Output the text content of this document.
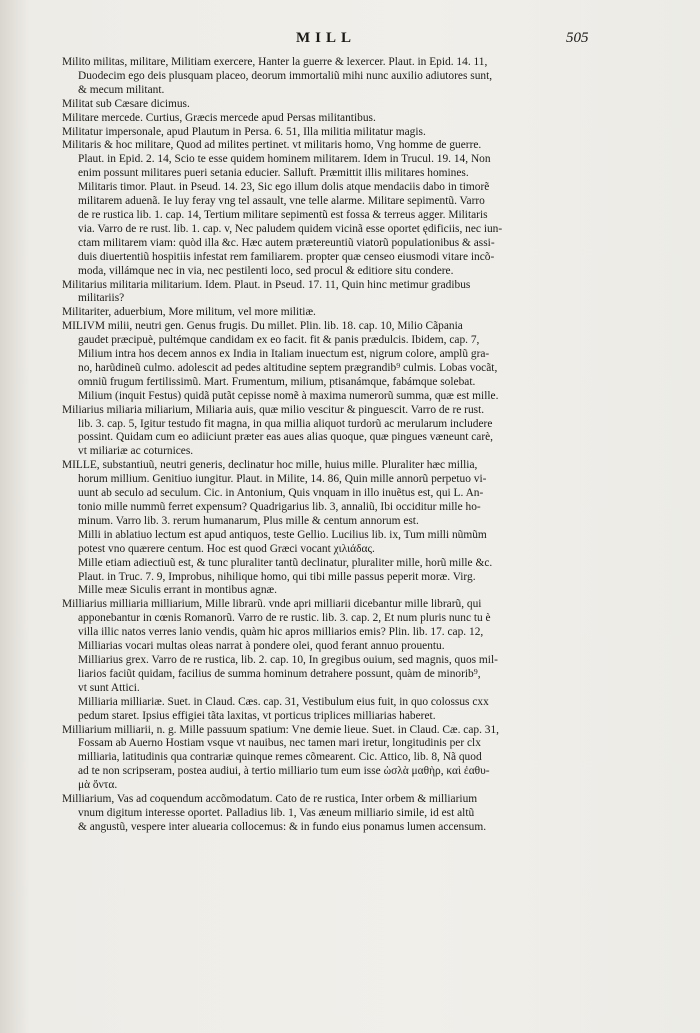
MILL	505
Milito militas, militare, Militiam exercere, Hanter la guerre & lexercer. Plaut. in Epid. 14. 11,
Duodecim ego deis plusquam placeo, deorum immortaliũ mihi nunc auxilio adiutores sunt,
& mecum militant.
Militat sub Cæsare dicimus.
Militare mercede. Curtius, Græcis mercede apud Persas militantibus.
Militatur impersonale, apud Plautum in Persa. 6. 51, Illa militia militatur magis.
Militaris & hoc militare, Quod ad milites pertinet. vt militaris homo, Vng homme de guerre.
Plaut. in Epid. 2. 14, Scio te esse quidem hominem militarem. Idem in Trucul. 19. 14, Non
enim possunt militares pueri setania educier. Salluft. Præmittit illis militares homines.
Militaris timor. Plaut. in Pseud. 14. 23, Sic ego illum dolis atque mendaciis dabo in timorẽ
militarem aduenã. Ie luy feray vng tel assault, vne telle alarme. Militare sepimentũ. Varro
de re rustica lib. 1. cap. 14, Tertium militare sepimentũ est fossa & terreus agger. Militaris
via. Varro de re rust. lib. 1. cap. v, Nec paludem quidem vicinã esse oportet ędificiis, nec iun-
ctam militarem viam: quòd illa &c. Hæc autem prætereuntiũ viatorũ populationibus & assi-
duis diuertentiũ hospitiis infestat rem familiarem. propter quæ censeo eiusmodi vitare incõ-
moda, villámque nec in via, nec pestilenti loco, sed procul & editiore situ condere.
Militarius militaria militarium. Idem. Plaut. in Pseud. 17. 11, Quin hinc metimur gradibus
militariis?
Militariter, aduerbium, More militum, vel more militiæ.
MILIVM milii, neutri gen. Genus frugis. Du millet. Plin. lib. 18. cap. 10, Milio Cãpania
gaudet præcipuè, pultémque candidam ex eo facit. fit & panis prædulcis. Ibidem, cap. 7,
Milium intra hos decem annos ex India in Italiam inuectum est, nigrum colore, amplũ gra-
no, harũdineũ culmo. adolescit ad pedes altitudine septem prægrandib⁹ culmis. Lobas vocãt,
omniũ frugum fertilissimũ. Mart. Frumentum, milium, ptisanámque, fabámque solebat.
Milium (inquit Festus) quidã putãt cepisse nomẽ à maxima numerorũ summa, quæ est mille.
Miliarius miliaria miliarium, Miliaria auis, quæ milio vescitur & pinguescit. Varro de re rust.
lib. 3. cap. 5, Igitur testudo fit magna, in qua millia aliquot turdorũ ac merularum includere
possint. Quidam cum eo adiiciunt præter eas aues alias quoque, quæ pingues væneunt carè,
vt miliariæ ac coturnices.
MILLE, substantiuũ, neutri generis, declinatur hoc mille, huius mille. Pluraliter hæc millia,
horum millium. Genitiuo iungitur. Plaut. in Milite, 14. 86, Quin mille annorũ perpetuo vi-
uunt ab seculo ad seculum. Cic. in Antonium, Quis vnquam in illo inuẽtus est, qui L. An-
tonio mille nummũ ferret expensum? Quadrigarius lib. 3, annaliũ, Ibi occiditur mille ho-
minum. Varro lib. 3. rerum humanarum, Plus mille & centum annorum est.
Milli in ablatiuo lectum est apud antiquos, teste Gellio. Lucilius lib. ix, Tum milli nũmũm
potest vno quærere centum. Hoc est quod Græci vocant χιλιάδας.
Mille etiam adiectiuũ est, & tunc pluraliter tantũ declinatur, pluraliter mille, horũ mille &c.
Plaut. in Truc. 7. 9, Improbus, nihilique homo, qui tibi mille passus peperit moræ. Virg.
Mille meæ Siculis errant in montibus agnæ.
Milliarius milliaria milliarium, Mille librarũ. vnde apri milliarii dicebantur mille librarũ, qui
apponebantur in cœnis Romanorũ. Varro de re rustic. lib. 3. cap. 2, Et num pluris nunc tu è
villa illic natos verres lanio vendis, quàm hic apros milliarios emis? Plin. lib. 17. cap. 12,
Milliarias vocari multas oleas narrat à pondere olei, quod ferant annuo prouentu.
Milliarius grex. Varro de re rustica, lib. 2. cap. 10, In gregibus ouium, sed magnis, quos mil-
liarios faciũt quidam, facilius de summa hominum detrahere possunt, quàm de minorib⁹,
vt sunt Attici.
Milliaria milliariæ. Suet. in Claud. Cæs. cap. 31, Vestibulum eius fuit, in quo colossus cxx
pedum staret. Ipsius effigiei tãta laxitas, vt porticus triplices milliarias haberet.
Milliarium milliarii, n. g. Mille passuum spatium: Vne demie lieue. Suet. in Claud. Cæ. cap. 31,
Fossam ab Auerno Hostiam vsque vt nauibus, nec tamen mari iretur, longitudinis per clx
milliaria, latitudinis qua contrariæ quinque remes cõmearent. Cic. Attico, lib. 8, Nã quod
ad te non scripseram, postea audiui, à tertio milliario tum eum isse ὡσλὰ μαθὴρ, καὶ ἐαθυ-
μὰ ὄντα.
Milliarium, Vas ad coquendum accõmodatum. Cato de re rustica, Inter orbem & milliarium
vnum digitum interesse oportet. Palladius lib. 1, Vas æneum milliario simile, id est altũ
& angustũ, vespere inter aluearia collocemus: & in fundo eius ponamus lumen accensum.
